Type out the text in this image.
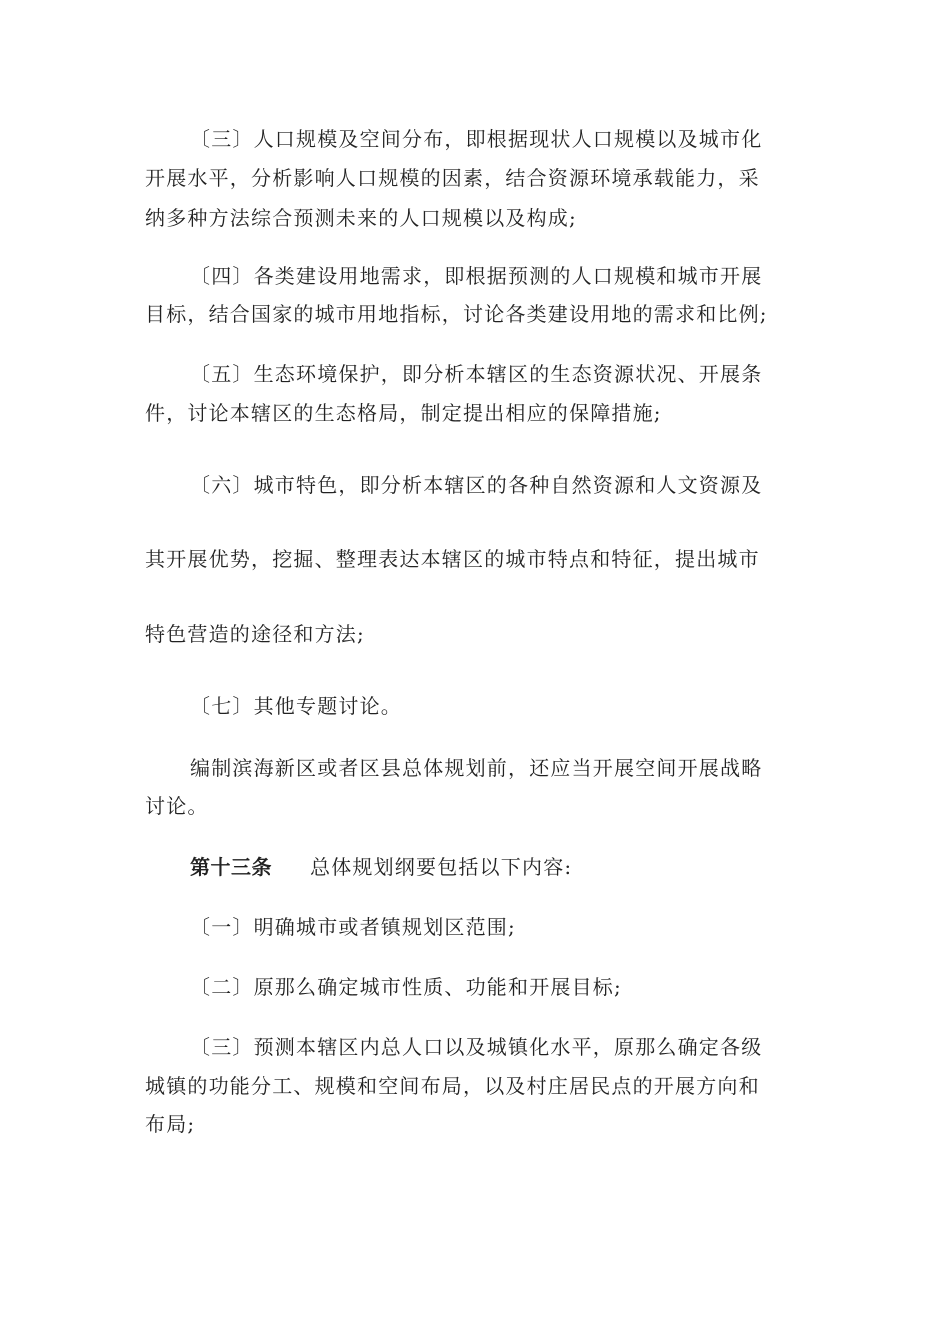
〔三〕人口规模及空间分布，即根据现状人口规模以及城市化
开展水平，分析影响人口规模的因素，结合资源环境承载能力，采
纳多种方法综合预测未来的人口规模以及构成;
〔四〕各类建设用地需求，即根据预测的人口规模和城市开展
目标，结合国家的城市用地指标，讨论各类建设用地的需求和比例;
〔五〕生态环境保护，即分析本辖区的生态资源状况、开展条
件，讨论本辖区的生态格局，制定提出相应的保障措施;
〔六〕城市特色，即分析本辖区的各种自然资源和人文资源及
其开展优势，挖掘、整理表达本辖区的城市特点和特征，提出城市
特色营造的途径和方法;
〔七〕其他专题讨论。
编制滨海新区或者区县总体规划前，还应当开展空间开展战略
讨论。
第十三条 总体规划纲要包括以下内容:
〔一〕明确城市或者镇规划区范围;
〔二〕原那么确定城市性质、功能和开展目标;
〔三〕预测本辖区内总人口以及城镇化水平，原那么确定各级
城镇的功能分工、规模和空间布局，以及村庄居民点的开展方向和
布局;
